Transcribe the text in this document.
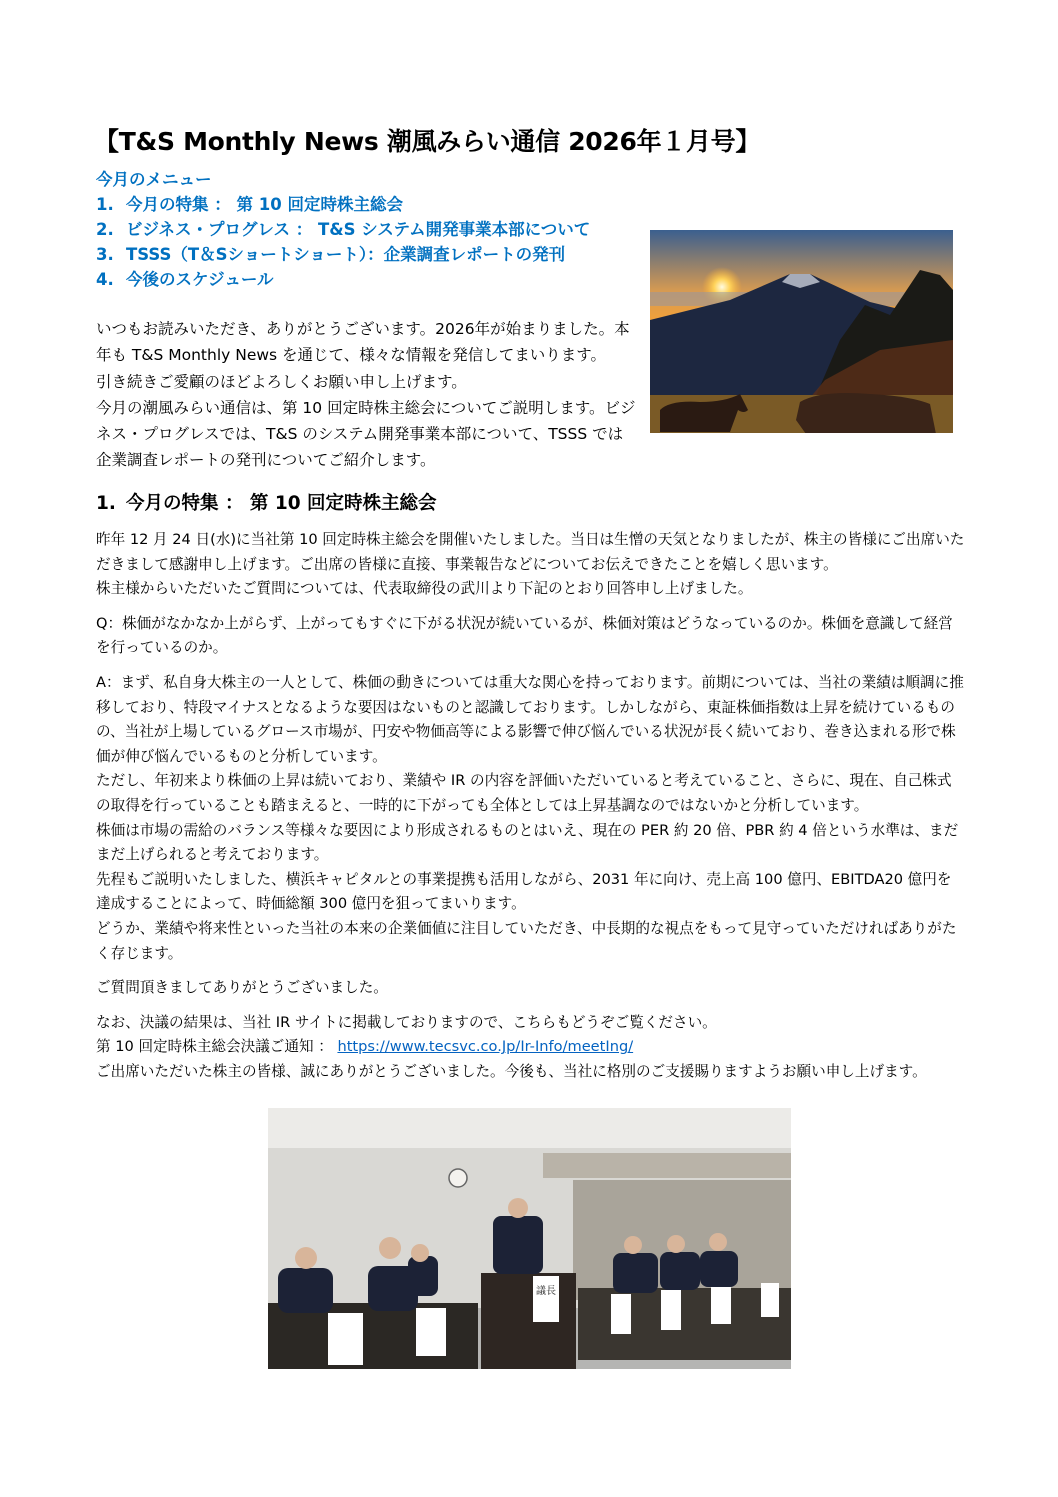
【T&S Monthly News 潮風みらい通信 2026年１月号】
今月のメニュー
1. 今月の特集 ： 第 10 回定時株主総会
2. ビジネス・プログレス ： T&S システム開発事業本部について
3. TSSS（T＆Sショートショート）：企業調査レポートの発刊
4. 今後のスケジュール

いつもお読みいただき、ありがとうございます。2026年が始まりました。本年も T&S Monthly News を通じて、様々な情報を発信してまいります。

引き続きご愛顧のほどよろしくお願い申し上げます。

今月の潮風みらい通信は、第 10 回定時株主総会についてご説明します。ビジネス・プログレスでは、T&S のシステム開発事業本部について、TSSS では企業調査レポートの発刊についてご紹介します。

1. 今月の特集 ： 第 10 回定時株主総会

昨年 12 月 24 日(水)に当社第 10 回定時株主総会を開催いたしました。当日は生憎の天気となりましたが、株主の皆様にご出席いただきまして感謝申し上げます。ご出席の皆様に直接、事業報告などについてお伝えできたことを嬉しく思います。

株主様からいただいたご質問については、代表取締役の武川より下記のとおり回答申し上げました。

Q：株価がなかなか上がらず、上がってもすぐに下がる状況が続いているが、株価対策はどうなっているのか。株価を意識して経営を行っているのか。

A：まず、私自身大株主の一人として、株価の動きについては重大な関心を持っております。前期については、当社の業績は順調に推移しており、特段マイナスとなるような要因はないものと認識しております。しかしながら、東証株価指数は上昇を続けているものの、当社が上場しているグロース市場が、円安や物価高等による影響で伸び悩んでいる状況が長く続いており、巻き込まれる形で株価が伸び悩んでいるものと分析しています。

ただし、年初来より株価の上昇は続いており、業績や IR の内容を評価いただいていると考えていること、さらに、現在、自己株式の取得を行っていることも踏まえると、一時的に下がっても全体としては上昇基調なのではないかと分析しています。

株価は市場の需給のバランス等様々な要因により形成されるものとはいえ、現在の PER 約 20 倍、PBR 約 4 倍という水準は、まだまだ上げられると考えております。

先程もご説明いたしました、横浜キャピタルとの事業提携も活用しながら、2031 年に向け、売上高 100 億円、EBITDA20 億円を達成することによって、時価総額 300 億円を狙ってまいります。

どうか、業績や将来性といった当社の本来の企業価値に注目していただき、中長期的な視点をもって見守っていただければありがたく存じます。

ご質問頂きましてありがとうございました。

なお、決議の結果は、当社 IR サイトに掲載しておりますので、こちらもどうぞご覧ください。

第 10 回定時株主総会決議ご通知 ： https://www.tecsvc.co.Jp/Ir-Info/meetIng/

ご出席いただいた株主の皆様、誠にありがとうございました。今後も、当社に格別のご支援賜りますようお願い申し上げます。

議長
